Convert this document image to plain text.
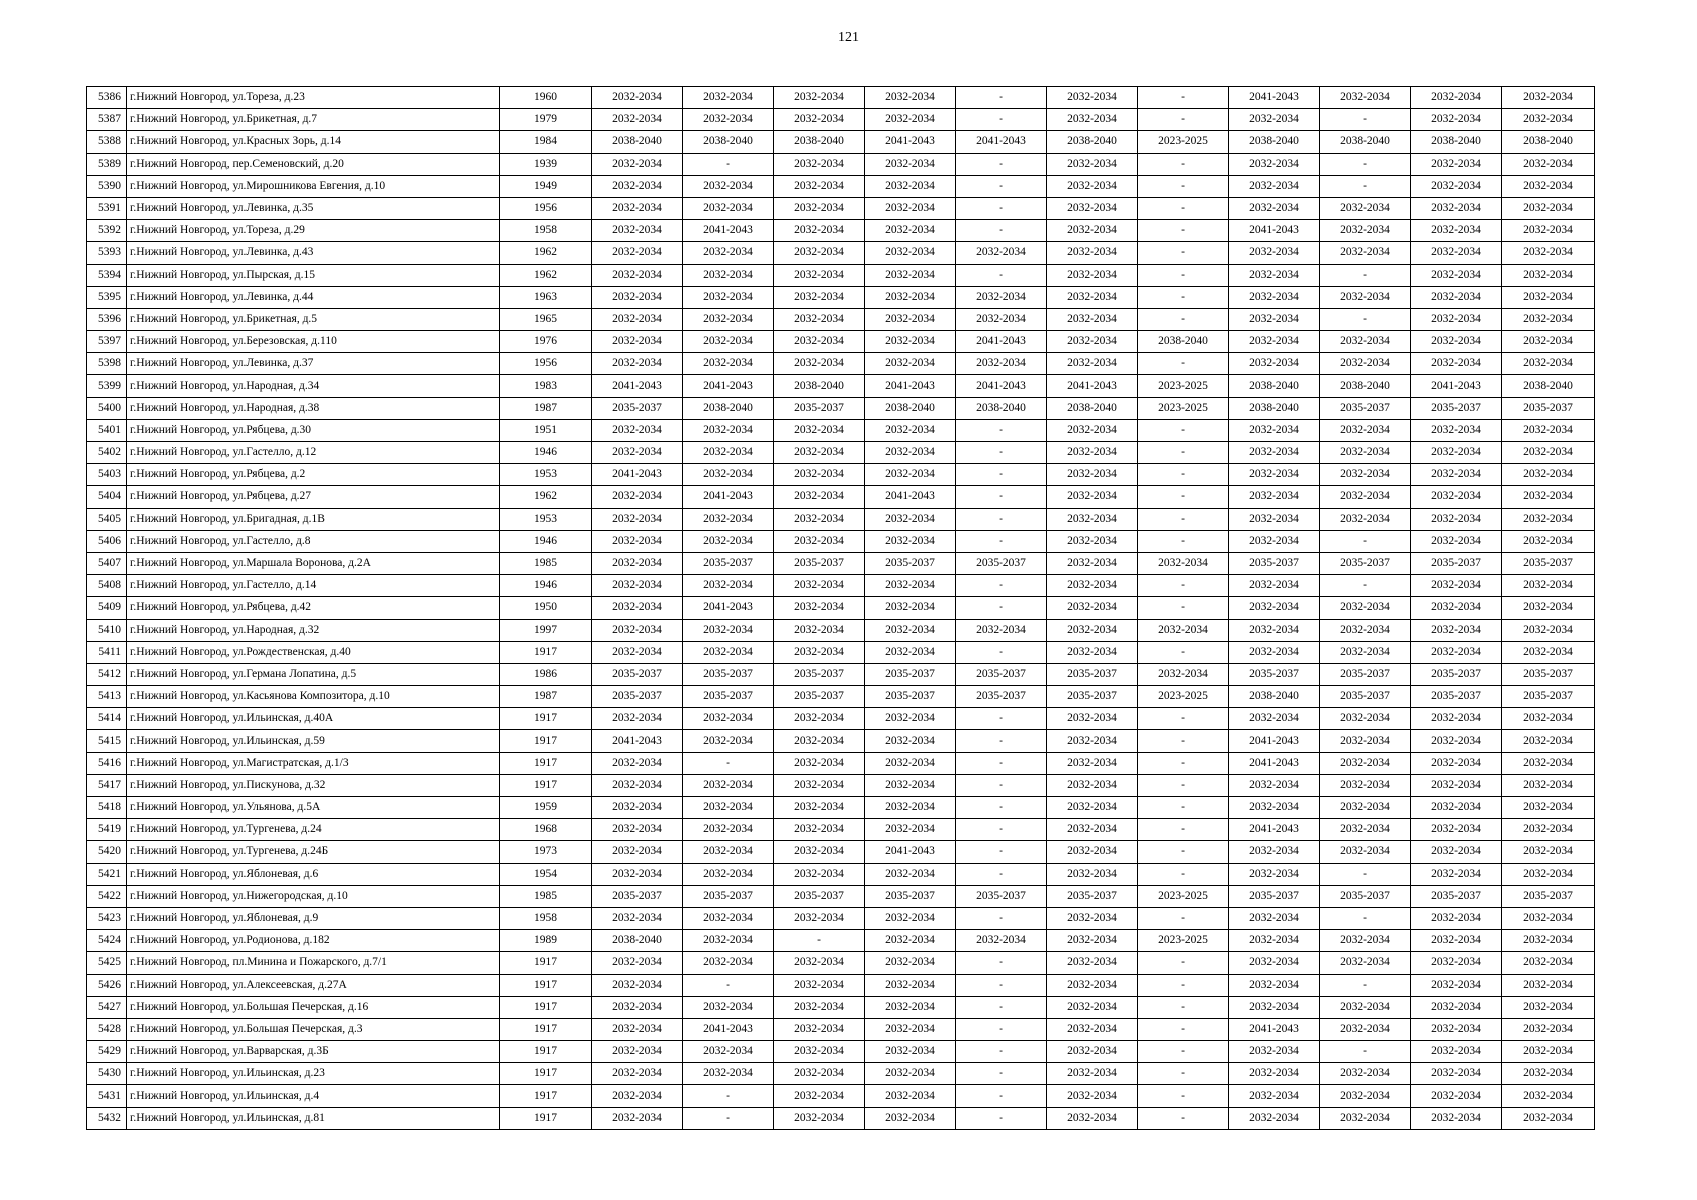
121
5386	г.Нижний Новгород, ул.Тореза, д.23	1960	2032-2034	2032-2034	2032-2034	2032-2034	-	2032-2034	-	2041-2043	2032-2034	2032-2034	2032-2034
5387	г.Нижний Новгород, ул.Брикетная, д.7	1979	2032-2034	2032-2034	2032-2034	2032-2034	-	2032-2034	-	2032-2034	-	2032-2034	2032-2034
5388	г.Нижний Новгород, ул.Красных Зорь, д.14	1984	2038-2040	2038-2040	2038-2040	2041-2043	2041-2043	2038-2040	2023-2025	2038-2040	2038-2040	2038-2040	2038-2040
5389	г.Нижний Новгород, пер.Семеновский, д.20	1939	2032-2034	-	2032-2034	2032-2034	-	2032-2034	-	2032-2034	-	2032-2034	2032-2034
5390	г.Нижний Новгород, ул.Мирошникова Евгения, д.10	1949	2032-2034	2032-2034	2032-2034	2032-2034	-	2032-2034	-	2032-2034	-	2032-2034	2032-2034
5391	г.Нижний Новгород, ул.Левинка, д.35	1956	2032-2034	2032-2034	2032-2034	2032-2034	-	2032-2034	-	2032-2034	2032-2034	2032-2034	2032-2034
5392	г.Нижний Новгород, ул.Тореза, д.29	1958	2032-2034	2041-2043	2032-2034	2032-2034	-	2032-2034	-	2041-2043	2032-2034	2032-2034	2032-2034
5393	г.Нижний Новгород, ул.Левинка, д.43	1962	2032-2034	2032-2034	2032-2034	2032-2034	2032-2034	2032-2034	-	2032-2034	2032-2034	2032-2034	2032-2034
5394	г.Нижний Новгород, ул.Пырская, д.15	1962	2032-2034	2032-2034	2032-2034	2032-2034	-	2032-2034	-	2032-2034	-	2032-2034	2032-2034
5395	г.Нижний Новгород, ул.Левинка, д.44	1963	2032-2034	2032-2034	2032-2034	2032-2034	2032-2034	2032-2034	-	2032-2034	2032-2034	2032-2034	2032-2034
5396	г.Нижний Новгород, ул.Брикетная, д.5	1965	2032-2034	2032-2034	2032-2034	2032-2034	2032-2034	2032-2034	-	2032-2034	-	2032-2034	2032-2034
5397	г.Нижний Новгород, ул.Березовская, д.110	1976	2032-2034	2032-2034	2032-2034	2032-2034	2041-2043	2032-2034	2038-2040	2032-2034	2032-2034	2032-2034	2032-2034
5398	г.Нижний Новгород, ул.Левинка, д.37	1956	2032-2034	2032-2034	2032-2034	2032-2034	2032-2034	2032-2034	-	2032-2034	2032-2034	2032-2034	2032-2034
5399	г.Нижний Новгород, ул.Народная, д.34	1983	2041-2043	2041-2043	2038-2040	2041-2043	2041-2043	2041-2043	2023-2025	2038-2040	2038-2040	2041-2043	2038-2040
5400	г.Нижний Новгород, ул.Народная, д.38	1987	2035-2037	2038-2040	2035-2037	2038-2040	2038-2040	2038-2040	2023-2025	2038-2040	2035-2037	2035-2037	2035-2037
5401	г.Нижний Новгород, ул.Рябцева, д.30	1951	2032-2034	2032-2034	2032-2034	2032-2034	-	2032-2034	-	2032-2034	2032-2034	2032-2034	2032-2034
5402	г.Нижний Новгород, ул.Гастелло, д.12	1946	2032-2034	2032-2034	2032-2034	2032-2034	-	2032-2034	-	2032-2034	2032-2034	2032-2034	2032-2034
5403	г.Нижний Новгород, ул.Рябцева, д.2	1953	2041-2043	2032-2034	2032-2034	2032-2034	-	2032-2034	-	2032-2034	2032-2034	2032-2034	2032-2034
5404	г.Нижний Новгород, ул.Рябцева, д.27	1962	2032-2034	2041-2043	2032-2034	2041-2043	-	2032-2034	-	2032-2034	2032-2034	2032-2034	2032-2034
5405	г.Нижний Новгород, ул.Бригадная, д.1В	1953	2032-2034	2032-2034	2032-2034	2032-2034	-	2032-2034	-	2032-2034	2032-2034	2032-2034	2032-2034
5406	г.Нижний Новгород, ул.Гастелло, д.8	1946	2032-2034	2032-2034	2032-2034	2032-2034	-	2032-2034	-	2032-2034	-	2032-2034	2032-2034
5407	г.Нижний Новгород, ул.Маршала Воронова, д.2А	1985	2032-2034	2035-2037	2035-2037	2035-2037	2035-2037	2032-2034	2032-2034	2035-2037	2035-2037	2035-2037	2035-2037
5408	г.Нижний Новгород, ул.Гастелло, д.14	1946	2032-2034	2032-2034	2032-2034	2032-2034	-	2032-2034	-	2032-2034	-	2032-2034	2032-2034
5409	г.Нижний Новгород, ул.Рябцева, д.42	1950	2032-2034	2041-2043	2032-2034	2032-2034	-	2032-2034	-	2032-2034	2032-2034	2032-2034	2032-2034
5410	г.Нижний Новгород, ул.Народная, д.32	1997	2032-2034	2032-2034	2032-2034	2032-2034	2032-2034	2032-2034	2032-2034	2032-2034	2032-2034	2032-2034	2032-2034
5411	г.Нижний Новгород, ул.Рождественская, д.40	1917	2032-2034	2032-2034	2032-2034	2032-2034	-	2032-2034	-	2032-2034	2032-2034	2032-2034	2032-2034
5412	г.Нижний Новгород, ул.Германа Лопатина, д.5	1986	2035-2037	2035-2037	2035-2037	2035-2037	2035-2037	2035-2037	2032-2034	2035-2037	2035-2037	2035-2037	2035-2037
5413	г.Нижний Новгород, ул.Касьянова Композитора, д.10	1987	2035-2037	2035-2037	2035-2037	2035-2037	2035-2037	2035-2037	2023-2025	2038-2040	2035-2037	2035-2037	2035-2037
5414	г.Нижний Новгород, ул.Ильинская, д.40А	1917	2032-2034	2032-2034	2032-2034	2032-2034	-	2032-2034	-	2032-2034	2032-2034	2032-2034	2032-2034
5415	г.Нижний Новгород, ул.Ильинская, д.59	1917	2041-2043	2032-2034	2032-2034	2032-2034	-	2032-2034	-	2041-2043	2032-2034	2032-2034	2032-2034
5416	г.Нижний Новгород, ул.Магистратская, д.1/3	1917	2032-2034	-	2032-2034	2032-2034	-	2032-2034	-	2041-2043	2032-2034	2032-2034	2032-2034
5417	г.Нижний Новгород, ул.Пискунова, д.32	1917	2032-2034	2032-2034	2032-2034	2032-2034	-	2032-2034	-	2032-2034	2032-2034	2032-2034	2032-2034
5418	г.Нижний Новгород, ул.Ульянова, д.5А	1959	2032-2034	2032-2034	2032-2034	2032-2034	-	2032-2034	-	2032-2034	2032-2034	2032-2034	2032-2034
5419	г.Нижний Новгород, ул.Тургенева, д.24	1968	2032-2034	2032-2034	2032-2034	2032-2034	-	2032-2034	-	2041-2043	2032-2034	2032-2034	2032-2034
5420	г.Нижний Новгород, ул.Тургенева, д.24Б	1973	2032-2034	2032-2034	2032-2034	2041-2043	-	2032-2034	-	2032-2034	2032-2034	2032-2034	2032-2034
5421	г.Нижний Новгород, ул.Яблоневая, д.6	1954	2032-2034	2032-2034	2032-2034	2032-2034	-	2032-2034	-	2032-2034	-	2032-2034	2032-2034
5422	г.Нижний Новгород, ул.Нижегородская, д.10	1985	2035-2037	2035-2037	2035-2037	2035-2037	2035-2037	2035-2037	2023-2025	2035-2037	2035-2037	2035-2037	2035-2037
5423	г.Нижний Новгород, ул.Яблоневая, д.9	1958	2032-2034	2032-2034	2032-2034	2032-2034	-	2032-2034	-	2032-2034	-	2032-2034	2032-2034
5424	г.Нижний Новгород, ул.Родионова, д.182	1989	2038-2040	2032-2034	-	2032-2034	2032-2034	2032-2034	2023-2025	2032-2034	2032-2034	2032-2034	2032-2034
5425	г.Нижний Новгород, пл.Минина и Пожарского, д.7/1	1917	2032-2034	2032-2034	2032-2034	2032-2034	-	2032-2034	-	2032-2034	2032-2034	2032-2034	2032-2034
5426	г.Нижний Новгород, ул.Алексеевская, д.27А	1917	2032-2034	-	2032-2034	2032-2034	-	2032-2034	-	2032-2034	-	2032-2034	2032-2034
5427	г.Нижний Новгород, ул.Большая Печерская, д.16	1917	2032-2034	2032-2034	2032-2034	2032-2034	-	2032-2034	-	2032-2034	2032-2034	2032-2034	2032-2034
5428	г.Нижний Новгород, ул.Большая Печерская, д.3	1917	2032-2034	2041-2043	2032-2034	2032-2034	-	2032-2034	-	2041-2043	2032-2034	2032-2034	2032-2034
5429	г.Нижний Новгород, ул.Варварская, д.3Б	1917	2032-2034	2032-2034	2032-2034	2032-2034	-	2032-2034	-	2032-2034	-	2032-2034	2032-2034
5430	г.Нижний Новгород, ул.Ильинская, д.23	1917	2032-2034	2032-2034	2032-2034	2032-2034	-	2032-2034	-	2032-2034	2032-2034	2032-2034	2032-2034
5431	г.Нижний Новгород, ул.Ильинская, д.4	1917	2032-2034	-	2032-2034	2032-2034	-	2032-2034	-	2032-2034	2032-2034	2032-2034	2032-2034
5432	г.Нижний Новгород, ул.Ильинская, д.81	1917	2032-2034	-	2032-2034	2032-2034	-	2032-2034	-	2032-2034	2032-2034	2032-2034	2032-2034
